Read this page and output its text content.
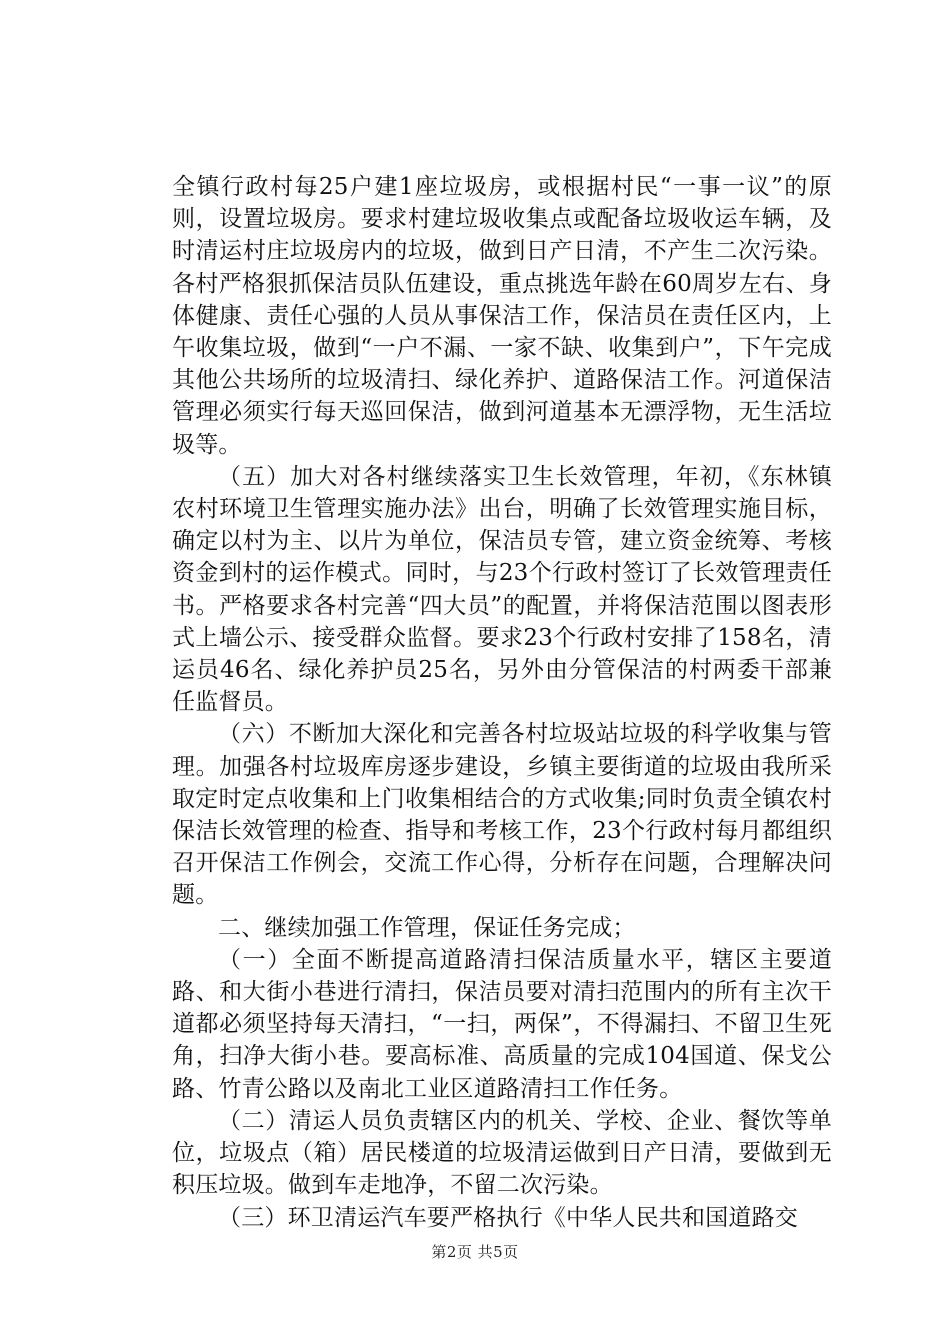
全镇行政村每25户建1座垃圾房，或根据村民“一事一议”的原则，设置垃圾房。要求村建垃圾收集点或配备垃圾收运车辆，及时清运村庄垃圾房内的垃圾，做到日产日清，不产生二次污染。各村严格狠抓保洁员队伍建设，重点挑选年龄在60周岁左右、身体健康、责任心强的人员从事保洁工作，保洁员在责任区内，上午收集垃圾，做到“一户不漏、一家不缺、收集到户”，下午完成其他公共场所的垃圾清扫、绿化养护、道路保洁工作。河道保洁管理必须实行每天巡回保洁，做到河道基本无漂浮物，无生活垃圾等。

（五）加大对各村继续落实卫生长效管理，年初，《东林镇农村环境卫生管理实施办法》出台，明确了长效管理实施目标，确定以村为主、以片为单位，保洁员专管，建立资金统筹、考核资金到村的运作模式。同时，与23个行政村签订了长效管理责任书。严格要求各村完善“四大员”的配置，并将保洁范围以图表形式上墙公示、接受群众监督。要求23个行政村安排了158名，清运员46名、绿化养护员25名，另外由分管保洁的村两委干部兼任监督员。

（六）不断加大深化和完善各村垃圾站垃圾的科学收集与管理。加强各村垃圾库房逐步建设，乡镇主要街道的垃圾由我所采取定时定点收集和上门收集相结合的方式收集;同时负责全镇农村保洁长效管理的检查、指导和考核工作，23个行政村每月都组织召开保洁工作例会，交流工作心得，分析存在问题，合理解决问题。

二、继续加强工作管理，保证任务完成；

（一）全面不断提高道路清扫保洁质量水平，辖区主要道路、和大街小巷进行清扫，保洁员要对清扫范围内的所有主次干道都必须坚持每天清扫，“一扫，两保”，不得漏扫、不留卫生死角，扫净大街小巷。要高标准、高质量的完成104国道、保戈公路、竹青公路以及南北工业区道路清扫工作任务。

（二）清运人员负责辖区内的机关、学校、企业、餐饮等单位，垃圾点（箱）居民楼道的垃圾清运做到日产日清，要做到无积压垃圾。做到车走地净，不留二次污染。

（三）环卫清运汽车要严格执行《中华人民共和国道路交

第2页 共5页
